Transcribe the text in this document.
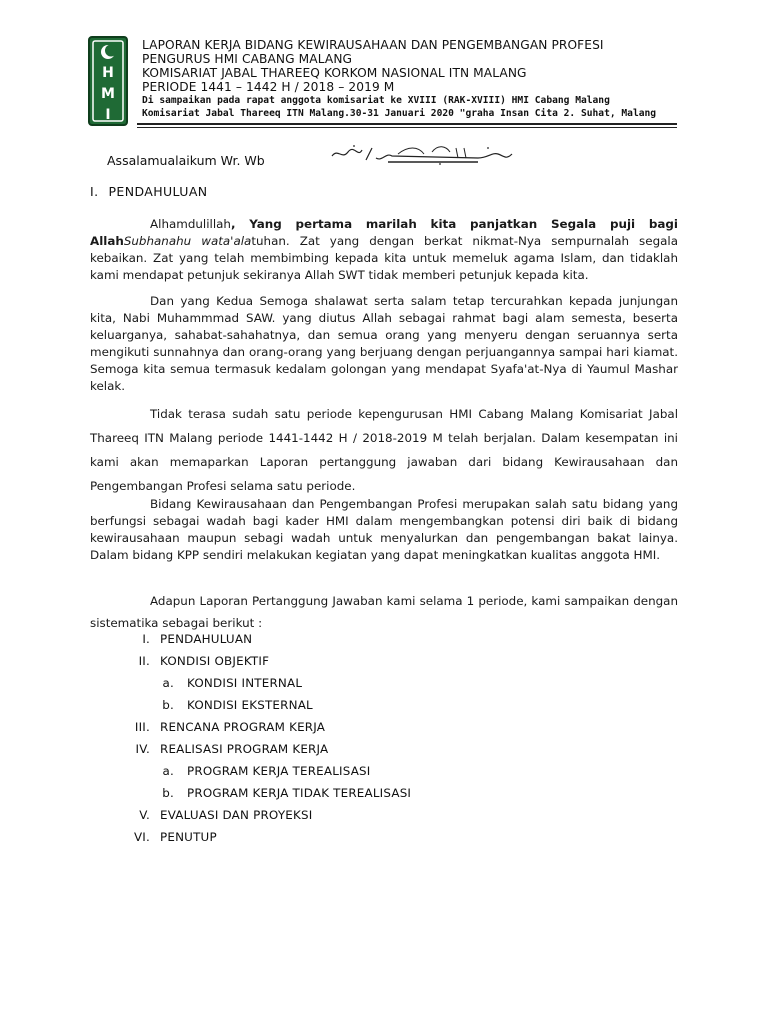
H
M
I
LAPORAN KERJA BIDANG KEWIRAUSAHAAN DAN PENGEMBANGAN PROFESI
PENGURUS HMI CABANG MALANG
KOMISARIAT JABAL THAREEQ KORKOM NASIONAL ITN MALANG
PERIODE 1441 – 1442 H / 2018 – 2019 M
Di sampaikan pada rapat anggota komisariat ke XVIII (RAK-XVIII) HMI Cabang Malang
Komisariat Jabal Thareeq ITN Malang.30-31 Januari 2020 "graha Insan Cita 2. Suhat, Malang
Assalamualaikum Wr. Wb
I. PENDAHULUAN

Alhamdulillah, Yang pertama marilah kita panjatkan Segala puji bagi AllahSubhanahu wata'alatuhan. Zat yang dengan berkat nikmat-Nya sempurnalah segala kebaikan. Zat yang telah membimbing kepada kita untuk memeluk agama Islam, dan tidaklah kami mendapat petunjuk sekiranya Allah SWT tidak memberi petunjuk kepada kita.

Dan yang Kedua Semoga shalawat serta salam tetap tercurahkan kepada junjungan kita, Nabi Muhammmad SAW. yang diutus Allah sebagai rahmat bagi alam semesta, beserta keluarganya, sahabat-sahahatnya, dan semua orang yang menyeru dengan seruannya serta mengikuti sunnahnya dan orang-orang yang berjuang dengan perjuangannya sampai hari kiamat. Semoga kita semua termasuk kedalam golongan yang mendapat Syafa'at-Nya di Yaumul Mashar kelak.

Tidak terasa sudah satu periode kepengurusan HMI Cabang Malang Komisariat Jabal Thareeq ITN Malang periode 1441-1442 H / 2018-2019 M telah berjalan. Dalam kesempatan ini kami akan memaparkan Laporan pertanggung jawaban dari bidang Kewirausahaan dan Pengembangan Profesi selama satu periode.

Bidang Kewirausahaan dan Pengembangan Profesi merupakan salah satu bidang yang berfungsi sebagai wadah bagi kader HMI dalam mengembangkan potensi diri baik di bidang kewirausahaan maupun sebagi wadah untuk menyalurkan dan pengembangan bakat lainya. Dalam bidang KPP sendiri melakukan kegiatan yang dapat meningkatkan kualitas anggota HMI.

Adapun Laporan Pertanggung Jawaban kami selama 1 periode, kami sampaikan dengan sistematika sebagai berikut :

I. PENDAHULUAN
II. KONDISI OBJEKTIF
a. KONDISI INTERNAL
b. KONDISI EKSTERNAL
III. RENCANA PROGRAM KERJA
IV. REALISASI PROGRAM KERJA
a. PROGRAM KERJA TEREALISASI
b. PROGRAM KERJA TIDAK TEREALISASI
V. EVALUASI DAN PROYEKSI
VI. PENUTUP
